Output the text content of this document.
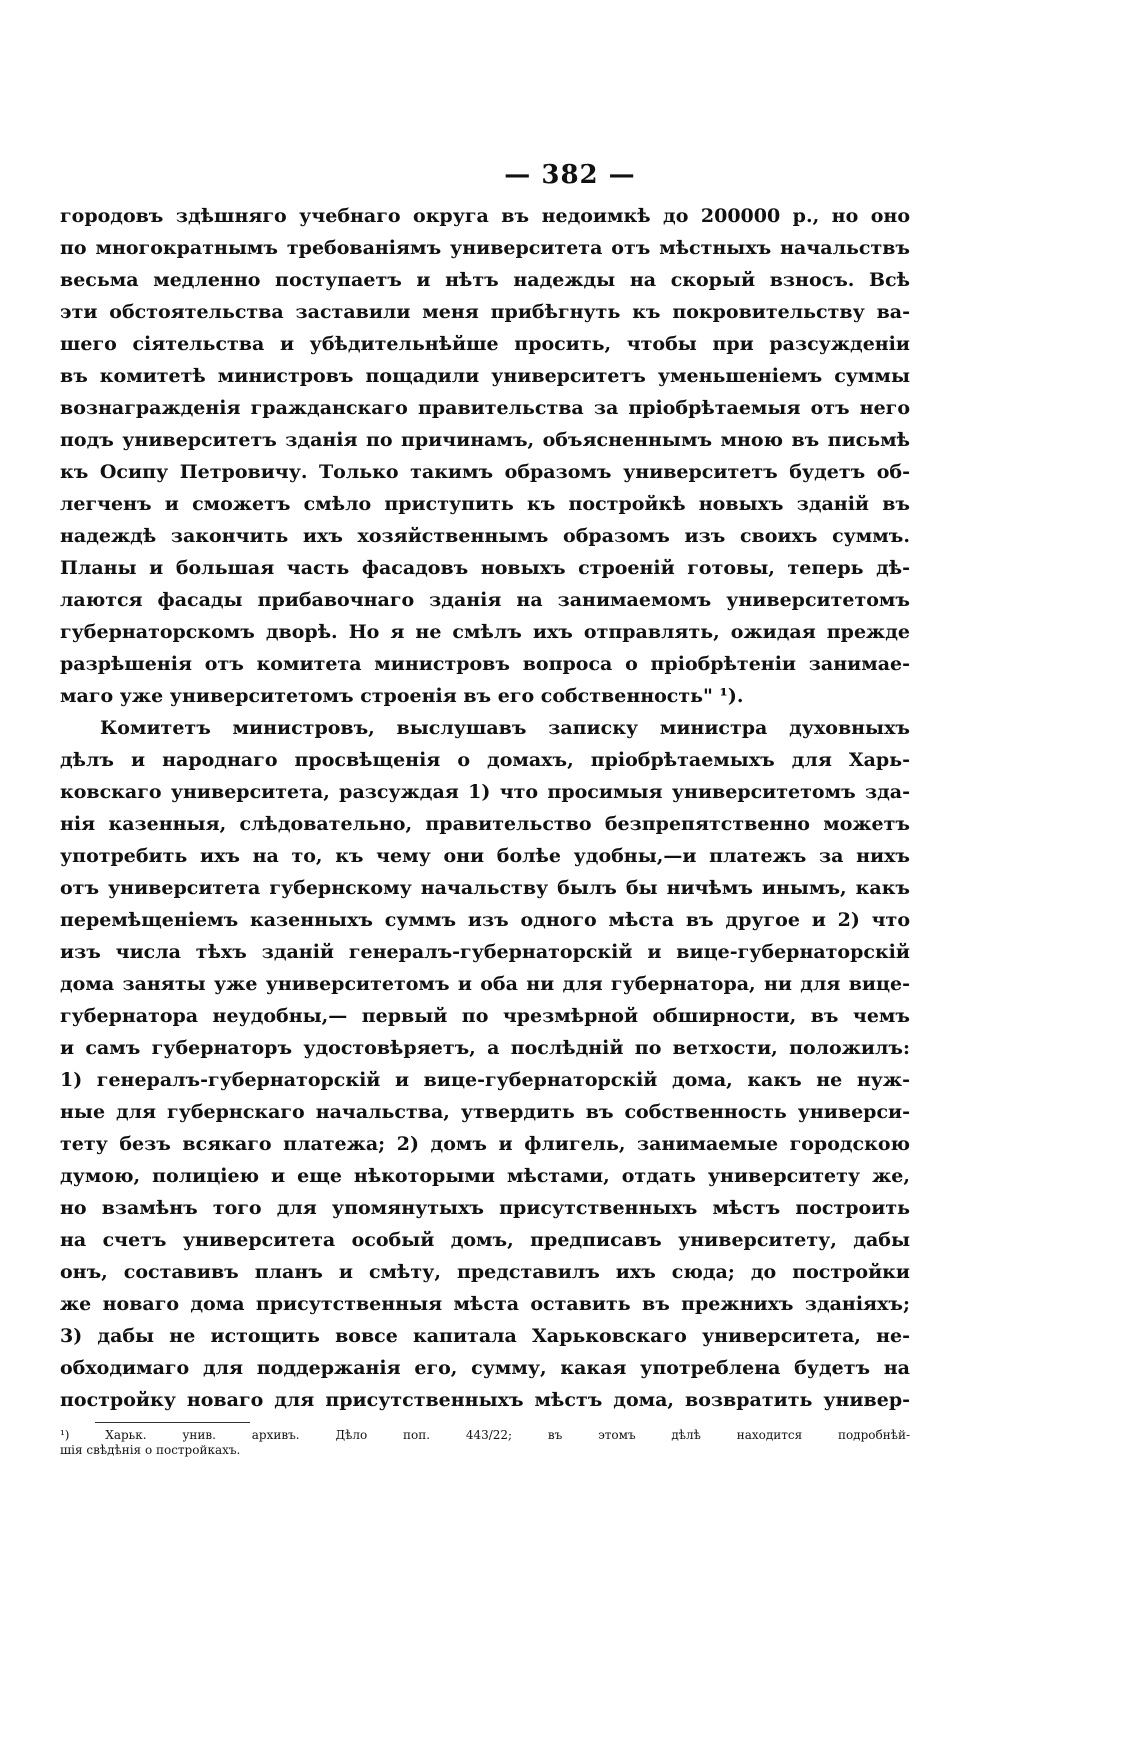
— 382 —
городовъ здѣшняго учебнаго округа въ недоимкѣ до 200000 р., но оно
по многократнымъ требованіямъ университета отъ мѣстныхъ начальствъ
весьма медленно поступаетъ и нѣтъ надежды на скорый взносъ. Всѣ
эти обстоятельства заставили меня прибѣгнуть къ покровительству ва-
шего сіятельства и убѣдительнѣйше просить, чтобы при разсужденіи
въ комитетѣ министровъ пощадили университетъ уменьшеніемъ суммы
вознагражденія гражданскаго правительства за пріобрѣтаемыя отъ него
подъ университетъ зданія по причинамъ, объясненнымъ мною въ письмѣ
къ Осипу Петровичу. Только такимъ образомъ университетъ будетъ об-
легченъ и сможетъ смѣло приступить къ постройкѣ новыхъ зданій въ
надеждѣ закончить ихъ хозяйственнымъ образомъ изъ своихъ суммъ.
Планы и большая часть фасадовъ новыхъ строеній готовы, теперь дѣ-
лаются фасады прибавочнаго зданія на занимаемомъ университетомъ
губернаторскомъ дворѣ. Но я не смѣлъ ихъ отправлять, ожидая прежде
разрѣшенія отъ комитета министровъ вопроса о пріобрѣтеніи занимае-
маго уже университетомъ строенія въ его собственность" ¹).
Комитетъ министровъ, выслушавъ записку министра духовныхъ
дѣлъ и народнаго просвѣщенія о домахъ, пріобрѣтаемыхъ для Харь-
ковскаго университета, разсуждая 1) что просимыя университетомъ зда-
нія казенныя, слѣдовательно, правительство безпрепятственно можетъ
употребить ихъ на то, къ чему они болѣе удобны,—и платежъ за нихъ
отъ университета губернскому начальству былъ бы ничѣмъ инымъ, какъ
перемѣщеніемъ казенныхъ суммъ изъ одного мѣста въ другое и 2) что
изъ числа тѣхъ зданій генералъ-губернаторскій и вице-губернаторскій
дома заняты уже университетомъ и оба ни для губернатора, ни для вице-
губернатора неудобны,— первый по чрезмѣрной обширности, въ чемъ
и самъ губернаторъ удостовѣряетъ, а послѣдній по ветхости, положилъ:
1) генералъ-губернаторскій и вице-губернаторскій дома, какъ не нуж-
ные для губернскаго начальства, утвердить въ собственность универси-
тету безъ всякаго платежа; 2) домъ и флигель, занимаемые городскою
думою, полиціею и еще нѣкоторыми мѣстами, отдать университету же,
но взамѣнъ того для упомянутыхъ присутственныхъ мѣстъ построить
на счетъ университета особый домъ, предписавъ университету, дабы
онъ, составивъ планъ и смѣту, представилъ ихъ сюда; до постройки
же новаго дома присутственныя мѣста оставить въ прежнихъ зданіяхъ;
3) дабы не истощить вовсе капитала Харьковскаго университета, не-
обходимаго для поддержанія его, сумму, какая употреблена будетъ на
постройку новаго для присутственныхъ мѣстъ дома, возвратить универ-
¹) Харьк. унив. архивъ. Дѣло поп. 443/22; въ этомъ дѣлѣ находится подробнѣй-
шія свѣдѣнія о постройкахъ.
